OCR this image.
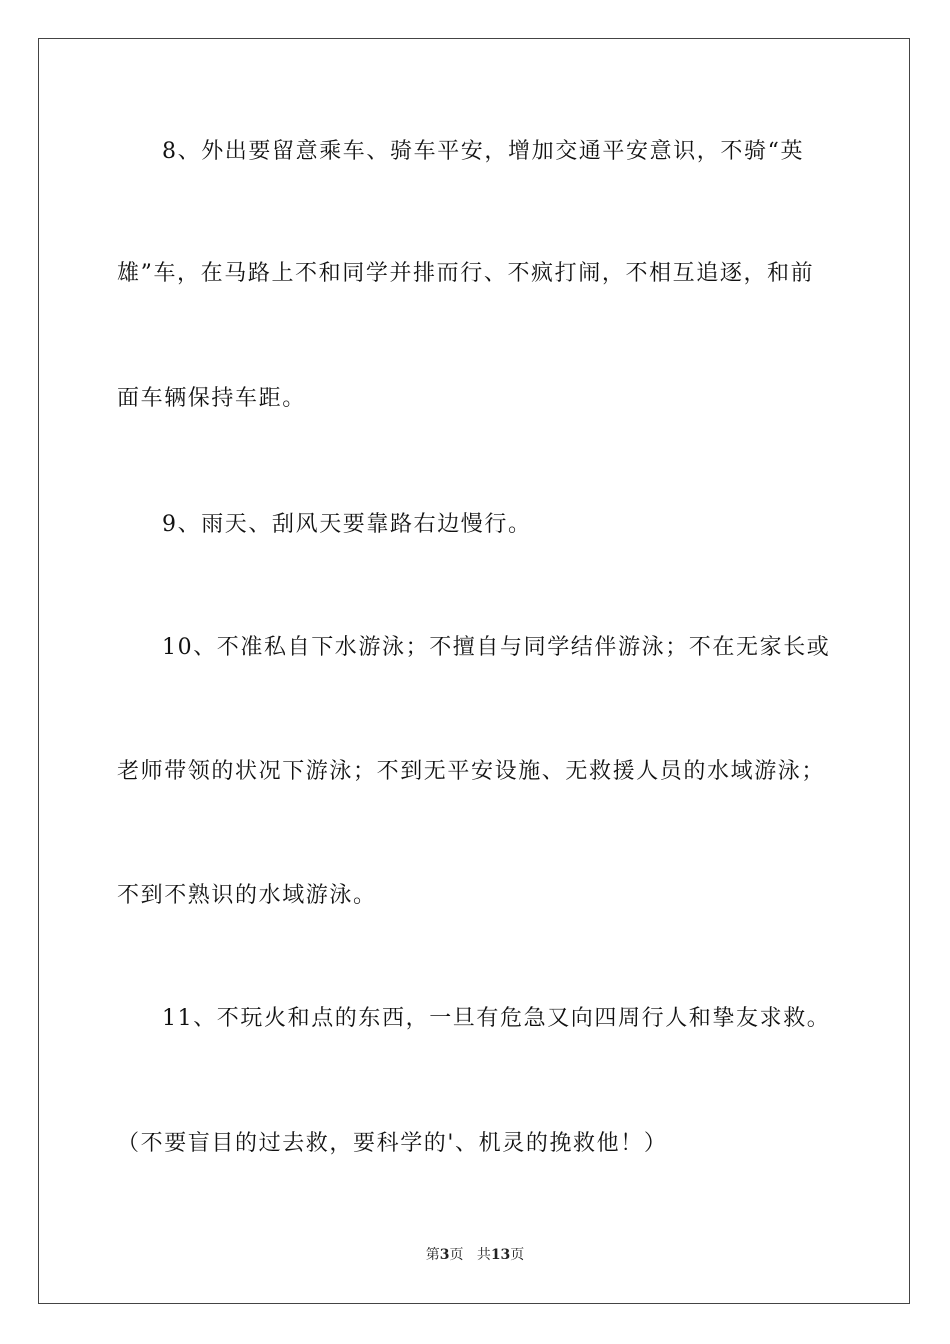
8、外出要留意乘车、骑车平安，增加交通平安意识，不骑“英
雄”车，在马路上不和同学并排而行、不疯打闹，不相互追逐，和前
面车辆保持车距。
9、雨天、刮风天要靠路右边慢行。
10、不准私自下水游泳；不擅自与同学结伴游泳；不在无家长或
老师带领的状况下游泳；不到无平安设施、无救援人员的水域游泳；
不到不熟识的水域游泳。
11、不玩火和点的东西，一旦有危急又向四周行人和挚友求救。
（不要盲目的过去救，要科学的'、机灵的挽救他！）
第3页 共13页
